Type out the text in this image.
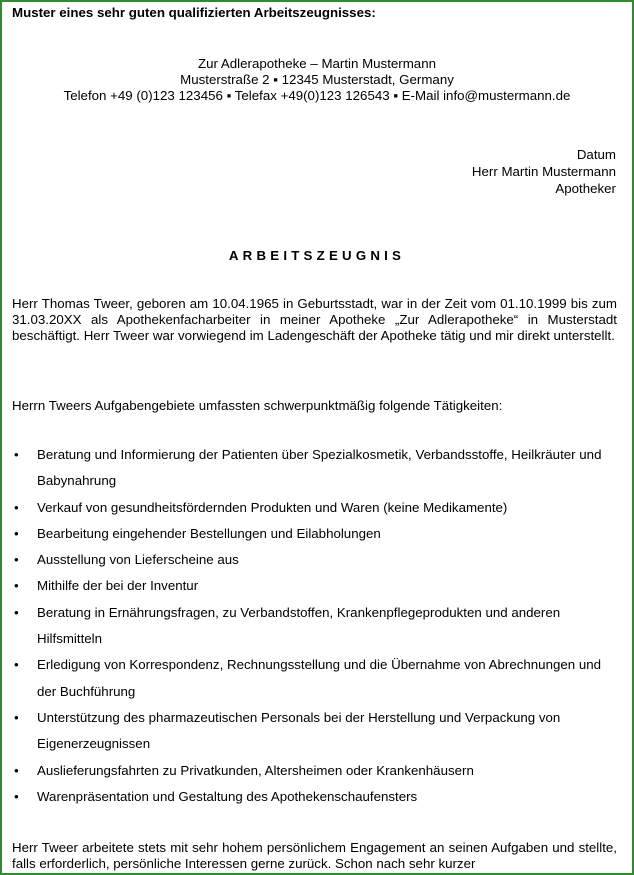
Muster eines sehr guten qualifizierten Arbeitszeugnisses:
Zur Adlerapotheke – Martin Mustermann
Musterstraße 2 ▪ 12345 Musterstadt, Germany
Telefon +49 (0)123 123456 ▪ Telefax +49(0)123 126543 ▪ E-Mail info@mustermann.de
Datum
Herr Martin Mustermann
Apotheker
ARBEITSZEUGNIS
Herr Thomas Tweer, geboren am 10.04.1965 in Geburtsstadt, war in der Zeit vom 01.10.1999 bis zum 31.03.20XX als Apothekenfacharbeiter in meiner Apotheke „Zur Adlerapotheke“ in Musterstadt beschäftigt. Herr Tweer war vorwiegend im Ladengeschäft der Apotheke tätig und mir direkt unterstellt.
Herrn Tweers Aufgabengebiete umfassten schwerpunktmäßig folgende Tätigkeiten:
• Beratung und Informierung der Patienten über Spezialkosmetik, Verbandsstoffe, Heilkräuter und Babynahrung
• Verkauf von gesundheitsfördernden Produkten und Waren (keine Medikamente)
• Bearbeitung eingehender Bestellungen und Eilabholungen
• Ausstellung von Lieferscheine aus
• Mithilfe der bei der Inventur
• Beratung in Ernährungsfragen, zu Verbandstoffen, Krankenpflegeprodukten und anderen Hilfsmitteln
• Erledigung von Korrespondenz, Rechnungsstellung und die Übernahme von Abrechnungen und der Buchführung
• Unterstützung des pharmazeutischen Personals bei der Herstellung und Verpackung von Eigenerzeugnissen
• Auslieferungsfahrten zu Privatkunden, Altersheimen oder Krankenhäusern
• Warenpräsentation und Gestaltung des Apothekenschaufensters
Herr Tweer arbeitete stets mit sehr hohem persönlichem Engagement an seinen Aufgaben und stellte, falls erforderlich, persönliche Interessen gerne zurück. Schon nach sehr kurzer
